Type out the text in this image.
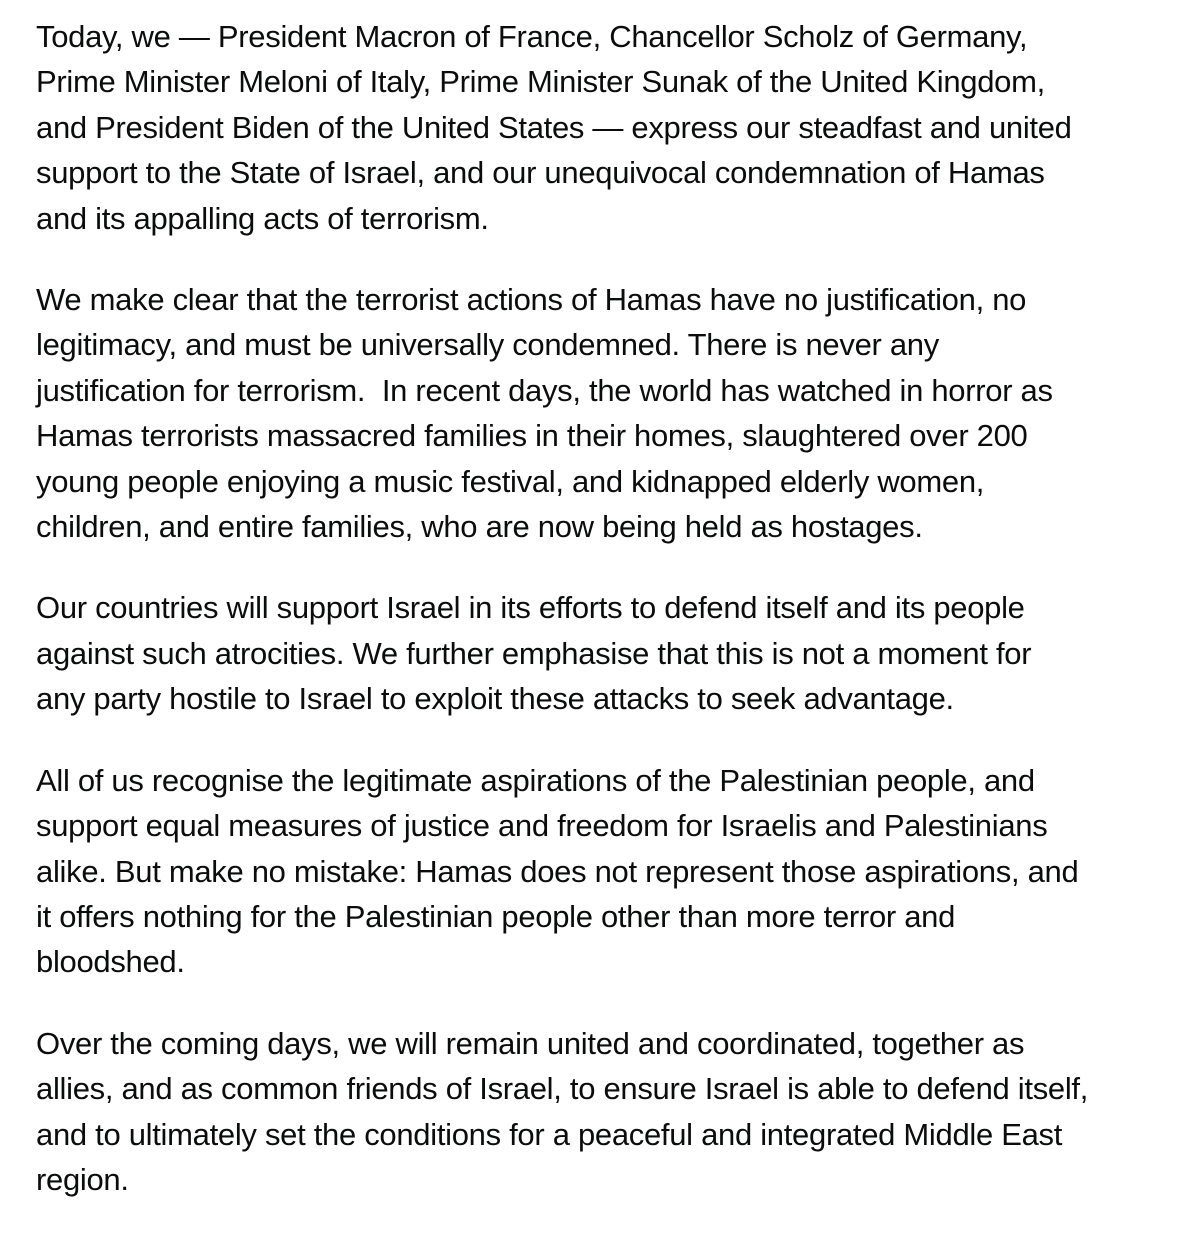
Today, we — President Macron of France, Chancellor Scholz of Germany,
Prime Minister Meloni of Italy, Prime Minister Sunak of the United Kingdom,
and President Biden of the United States — express our steadfast and united
support to the State of Israel, and our unequivocal condemnation of Hamas
and its appalling acts of terrorism.

We make clear that the terrorist actions of Hamas have no justification, no
legitimacy, and must be universally condemned. There is never any
justification for terrorism.  In recent days, the world has watched in horror as
Hamas terrorists massacred families in their homes, slaughtered over 200
young people enjoying a music festival, and kidnapped elderly women,
children, and entire families, who are now being held as hostages.

Our countries will support Israel in its efforts to defend itself and its people
against such atrocities. We further emphasise that this is not a moment for
any party hostile to Israel to exploit these attacks to seek advantage.

All of us recognise the legitimate aspirations of the Palestinian people, and
support equal measures of justice and freedom for Israelis and Palestinians
alike. But make no mistake: Hamas does not represent those aspirations, and
it offers nothing for the Palestinian people other than more terror and
bloodshed.

Over the coming days, we will remain united and coordinated, together as
allies, and as common friends of Israel, to ensure Israel is able to defend itself,
and to ultimately set the conditions for a peaceful and integrated Middle East
region.
